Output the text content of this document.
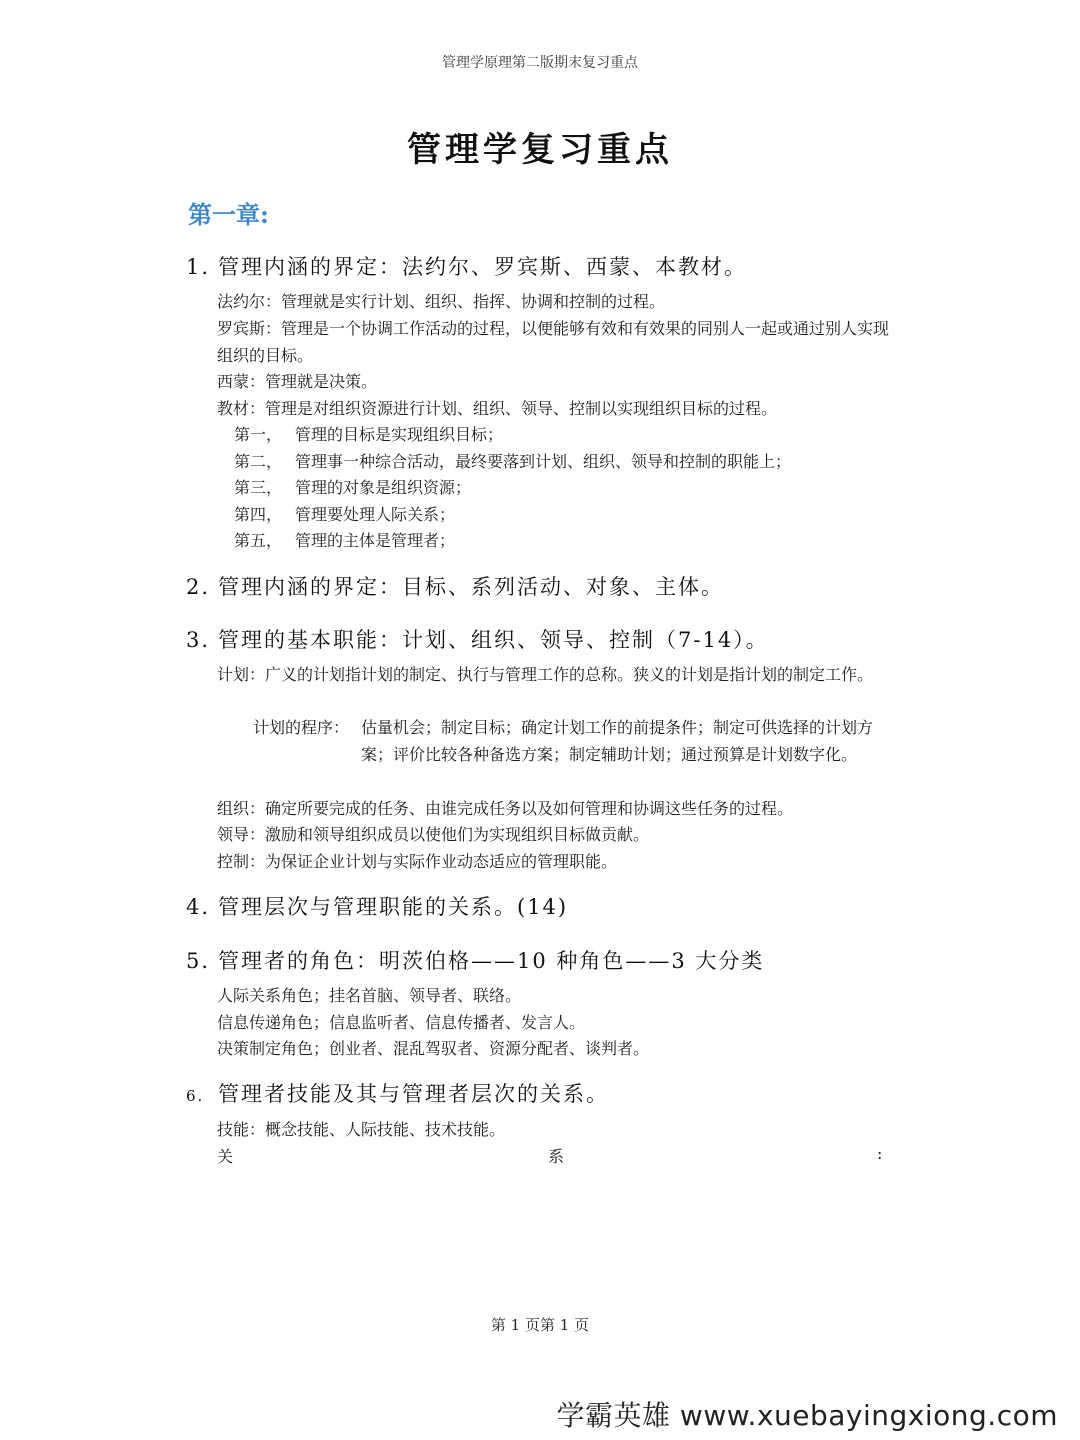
管理学原理第二版期末复习重点
管理学复习重点
第一章:
1. 管理内涵的界定：法约尔、罗宾斯、西蒙、本教材。
法约尔：管理就是实行计划、组织、指挥、协调和控制的过程。
罗宾斯：管理是一个协调工作活动的过程，以便能够有效和有效果的同别人一起或通过别人实现组织的目标。
西蒙：管理就是决策。
教材：管理是对组织资源进行计划、组织、领导、控制以实现组织目标的过程。
第一， 管理的目标是实现组织目标；
第二， 管理事一种综合活动，最终要落到计划、组织、领导和控制的职能上；
第三， 管理的对象是组织资源；
第四， 管理要处理人际关系；
第五， 管理的主体是管理者；
2. 管理内涵的界定：目标、系列活动、对象、主体。
3. 管理的基本职能：计划、组织、领导、控制（7-14）。
计划：广义的计划指计划的制定、执行与管理工作的总称。狭义的计划是指计划的制定工作。
计划的程序： 估量机会；制定目标；确定计划工作的前提条件；制定可供选择的计划方案；评价比较各种备选方案；制定辅助计划；通过预算是计划数字化。
组织：确定所要完成的任务、由谁完成任务以及如何管理和协调这些任务的过程。
领导：激励和领导组织成员以使他们为实现组织目标做贡献。
控制：为保证企业计划与实际作业动态适应的管理职能。
4. 管理层次与管理职能的关系。(14)
5. 管理者的角色：明茨伯格——10 种角色——3 大分类
人际关系角色；挂名首脑、领导者、联络。
信息传递角色；信息监听者、信息传播者、发言人。
决策制定角色；创业者、混乱驾驭者、资源分配者、谈判者。
6. 管理者技能及其与管理者层次的关系。
技能：概念技能、人际技能、技术技能。
关	系	:
第 1 页第 1 页
学霸英雄 www.xuebayingxiong.com
